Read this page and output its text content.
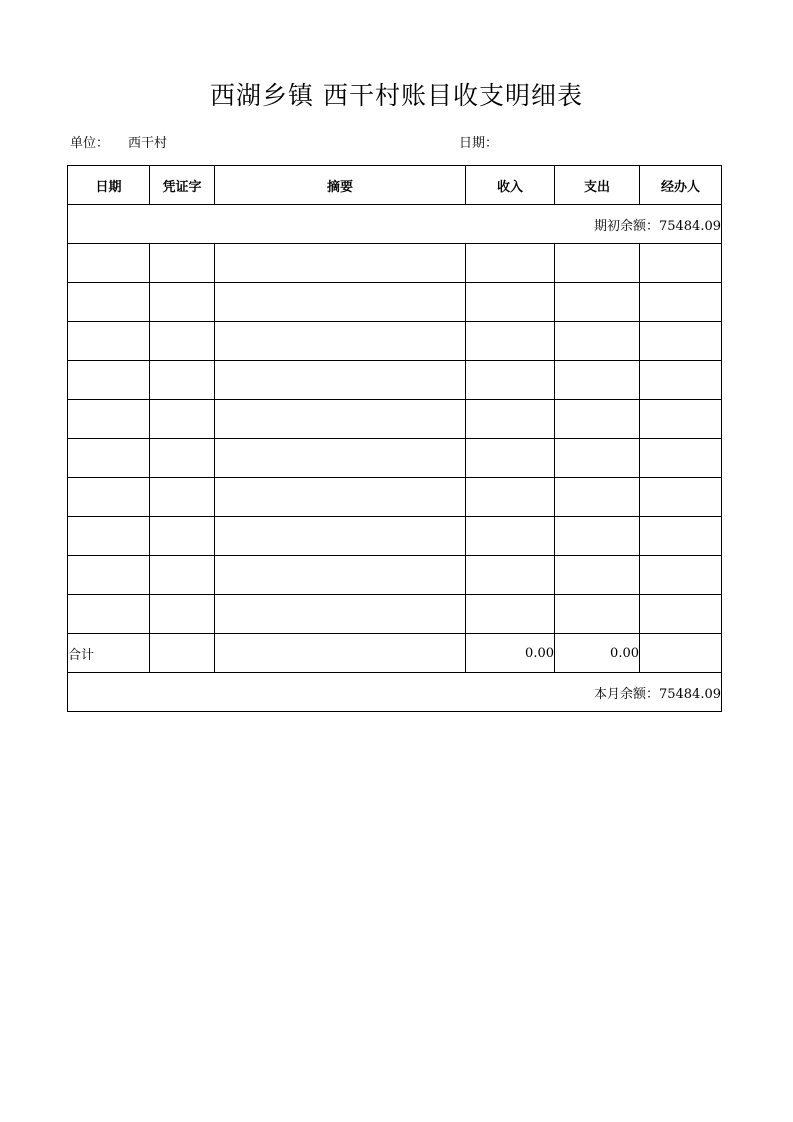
西湖乡镇 西干村账目收支明细表
单位： 西干村	日期：
日期	凭证字	摘要	收入	支出	经办人
期初余额：75484.09					

合计			0.00	0.00	
本月余额：75484.09					
